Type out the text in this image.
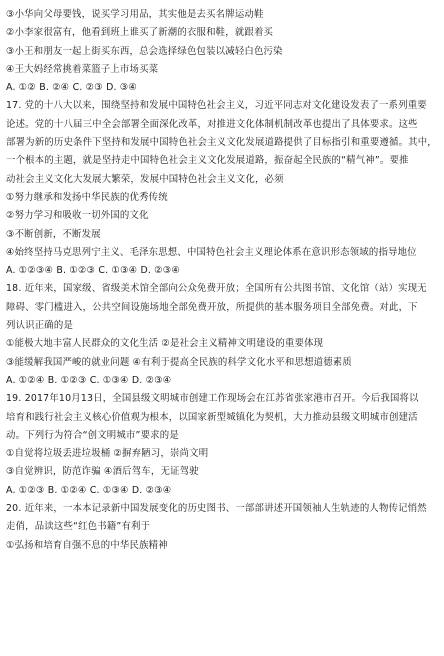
③小华向父母要钱，说买学习用品，其实他是去买名牌运动鞋
②小李家很富有，他看到班上谁买了新潮的衣服和鞋，就跟着买
③小王和朋友一起上街买东西，总会选择绿色包装以减轻白色污染
④王大妈经常挑着菜篮子上市场买菜
A. ①② B. ②④ C. ②③ D. ③④
17. 党的十八大以来，围绕坚持和发展中国特色社会主义，习近平同志对文化建设发表了一系列重要
论述。党的十八届三中全会部署全面深化改革，对推进文化体制机制改革也提出了具体要求。这些
部署为新的历史条件下坚持和发展中国特色社会主义文化发展道路提供了目标指引和重要遵循。其中，
一个根本的主题，就是坚持走中国特色社会主义文化发展道路，振奋起全民族的“精气神”。要推
动社会主义文化大发展大繁荣，发展中国特色社会主义文化，必须
①努力继承和发扬中华民族的优秀传统
②努力学习和吸收一切外国的文化
③不断创新，不断发展
④始终坚持马克思列宁主义、毛泽东思想、中国特色社会主义理论体系在意识形态领域的指导地位
A. ①②③④ B. ①②③ C. ①③④ D. ②③④
18. 近年来，国家级、省级美术馆全部向公众免费开放；全国所有公共图书馆、文化馆（站）实现无
障碍、零门槛进入，公共空间设施场地全部免费开放，所提供的基本服务项目全部免费。对此，下
列认识正确的是
①能极大地丰富人民群众的文化生活 ②是社会主义精神文明建设的重要体现
③能缓解我国严峻的就业问题 ④有利于提高全民族的科学文化水平和思想道德素质
A. ①②④ B. ①②③ C. ①③④ D. ②③④
19. 2017年10月13日，全国县级文明城市创建工作现场会在江苏省张家港市召开。今后我国将以
培育和践行社会主义核心价值观为根本，以国家新型城镇化为契机，大力推动县级文明城市创建活
动。下列行为符合“创文明城市”要求的是
①自觉将垃圾丢进垃圾桶 ②摒弃陋习，崇尚文明
③自觉辨识，防范诈骗 ④酒后驾车，无证驾驶
A. ①②③ B. ①②④ C. ①③④ D. ②③④
20. 近年来，一本本记录新中国发展变化的历史图书、一部部讲述开国领袖人生轨迹的人物传记悄然
走俏，品读这些“红色书籍”有利于
①弘扬和培育自强不息的中华民族精神
